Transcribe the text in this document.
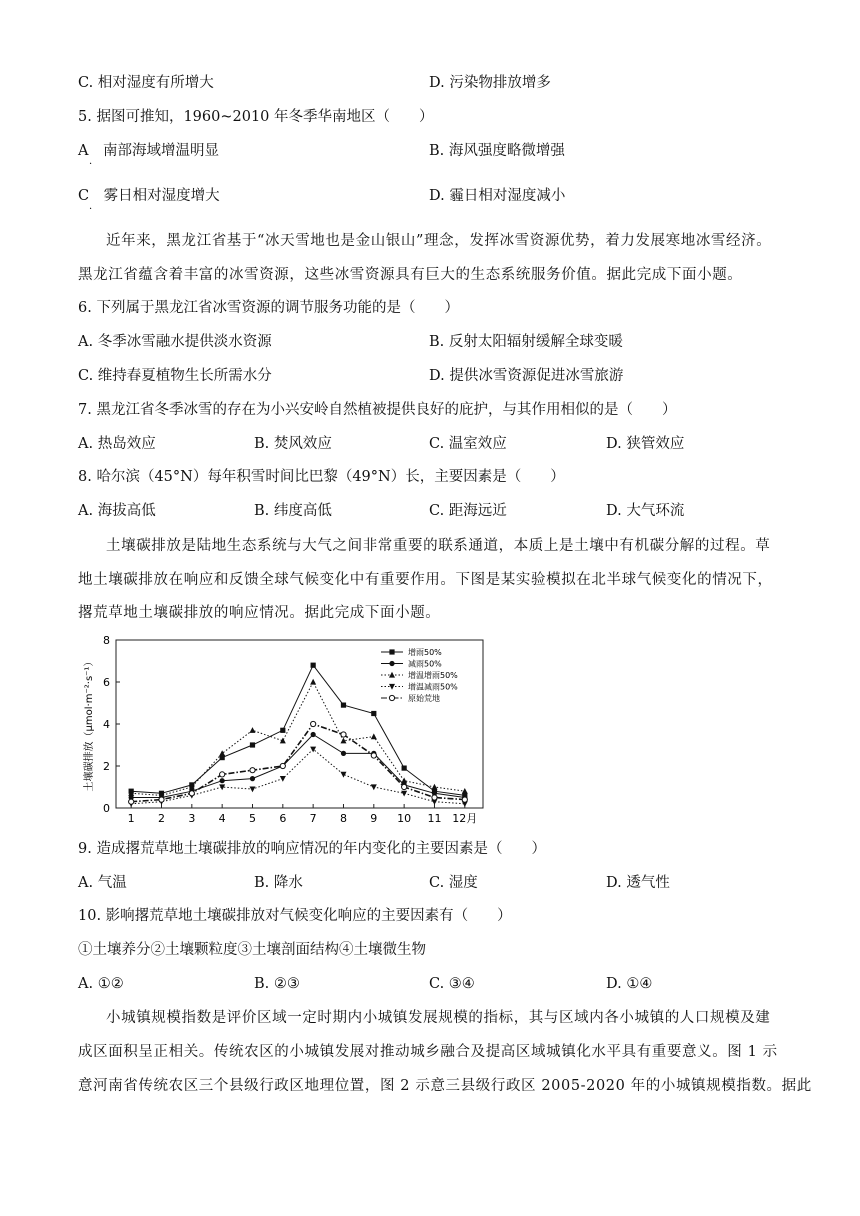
C. 相对湿度有所增大	D. 污染物排放增多
5. 据图可推知，1960~2010 年冬季华南地区（　　）
A　南部海域增温明显
·
B. 海风强度略微增强
C　雾日相对湿度增大
·
D. 霾日相对湿度减小
近年来，黑龙江省基于“冰天雪地也是金山银山”理念，发挥冰雪资源优势，着力发展寒地冰雪经济。
黑龙江省蕴含着丰富的冰雪资源，这些冰雪资源具有巨大的生态系统服务价值。据此完成下面小题。
6. 下列属于黑龙江省冰雪资源的调节服务功能的是（　　）
A. 冬季冰雪融水提供淡水资源	B. 反射太阳辐射缓解全球变暖
C. 维持春夏植物生长所需水分	D. 提供冰雪资源促进冰雪旅游
7. 黑龙江省冬季冰雪的存在为小兴安岭自然植被提供良好的庇护，与其作用相似的是（　　）
A. 热岛效应	B. 焚风效应	C. 温室效应	D. 狭管效应
8. 哈尔滨（45°N）每年积雪时间比巴黎（49°N）长，主要因素是（　　）
A. 海拔高低	B. 纬度高低	C. 距海远近	D. 大气环流
土壤碳排放是陆地生态系统与大气之间非常重要的联系通道，本质上是土壤中有机碳分解的过程。草
地土壤碳排放在响应和反馈全球气候变化中有重要作用。下图是某实验模拟在北半球气候变化的情况下，
撂荒草地土壤碳排放的响应情况。据此完成下面小题。
土壤碳排放（μmol·m⁻²·s⁻¹）
0
2
4
6
8
1 2 3 4 5 6 7 8 9 10 11 12月
增雨50%
减雨50%
增温增雨50%
增温减雨50%
原始荒地
9. 造成撂荒草地土壤碳排放的响应情况的年内变化的主要因素是（　　）
A. 气温	B. 降水	C. 湿度	D. 透气性
10. 影响撂荒草地土壤碳排放对气候变化响应的主要因素有（　　）
①土壤养分②土壤颗粒度③土壤剖面结构④土壤微生物
A. ①②	B. ②③	C. ③④	D. ①④
小城镇规模指数是评价区域一定时期内小城镇发展规模的指标，其与区域内各小城镇的人口规模及建
成区面积呈正相关。传统农区的小城镇发展对推动城乡融合及提高区域城镇化水平具有重要意义。图 1 示
意河南省传统农区三个县级行政区地理位置，图 2 示意三县级行政区 2005-2020 年的小城镇规模指数。据此
